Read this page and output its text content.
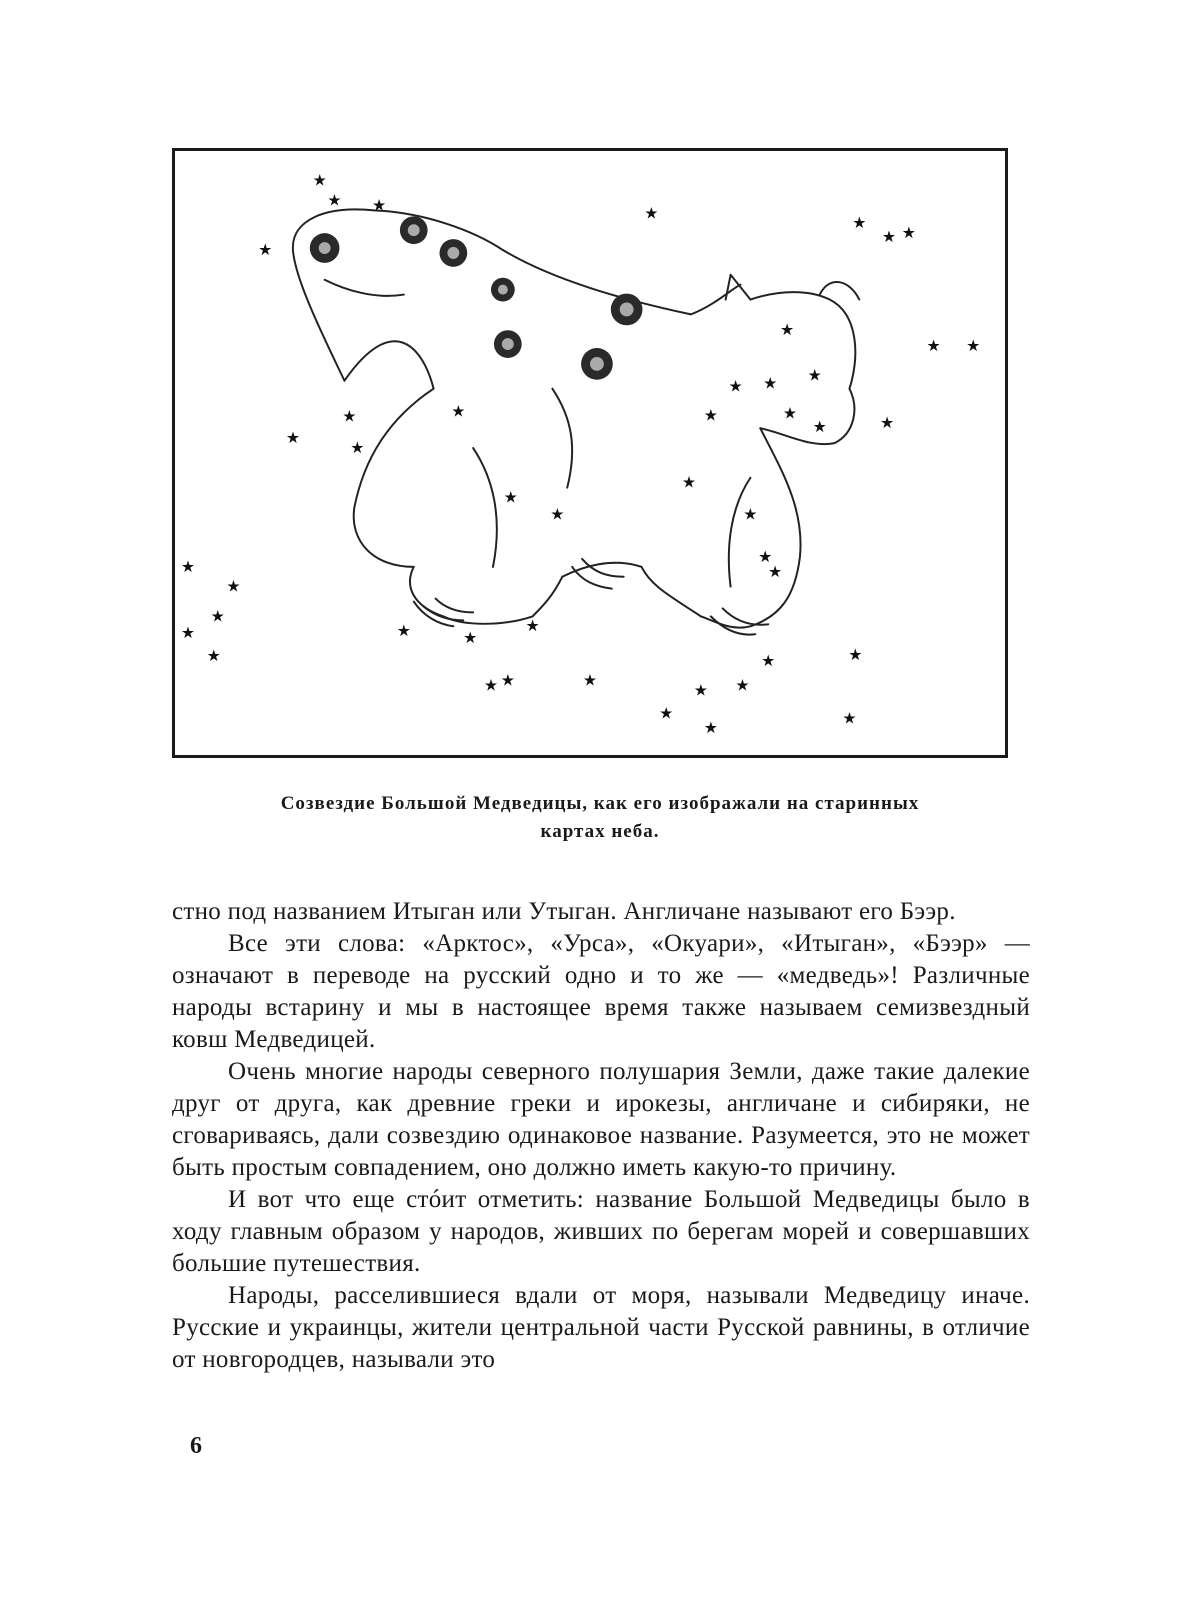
★
★ ★
★
★
★
★ ★
★
★
★
★
★
★
★
★ ★
★
★
★
★
★
★
★
★
★
★
★
★
★
★
★
★
★	★
★
★	★
★ ★	★
★ ★
★
★
★
Созвездие Большой Медведицы, как его изображали на старинных
картах неба.

стно под названием Итыган или Утыган. Англичане называют его Бээр.

Все эти слова: «Арктос», «Урса», «Окуари», «Итыган», «Бээр» — означают в переводе на русский одно и то же — «медведь»! Различные народы встарину и мы в настоящее время также называем семизвездный ковш Медведицей.

Очень многие народы северного полушария Земли, даже такие далекие друг от друга, как древние греки и ирокезы, англичане и сибиряки, не сговариваясь, дали созвездию одинаковое название. Разумеется, это не может быть простым совпадением, оно должно иметь какую-то причину.

И вот что еще стóит отметить: название Большой Медведицы было в ходу главным образом у народов, живших по берегам морей и совершавших большие путешествия.

Народы, расселившиеся вдали от моря, называли Медведицу иначе. Русские и украинцы, жители центральной части Русской равнины, в отличие от новгородцев, называли это

6
